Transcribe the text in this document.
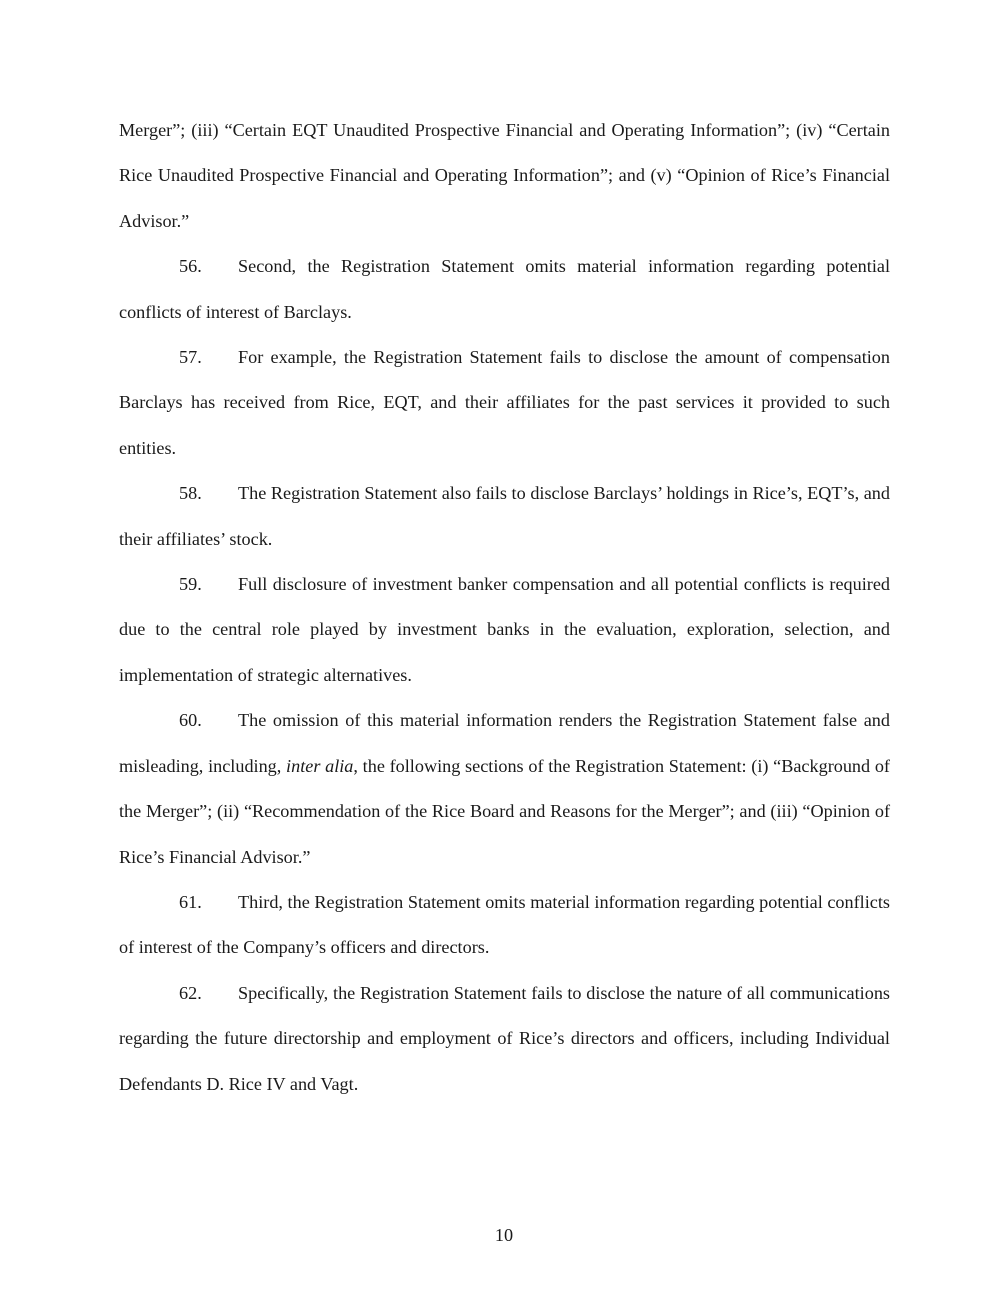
Merger”; (iii) “Certain EQT Unaudited Prospective Financial and Operating Information”; (iv) “Certain Rice Unaudited Prospective Financial and Operating Information”; and (v) “Opinion of Rice’s Financial Advisor.”

56. Second, the Registration Statement omits material information regarding potential conflicts of interest of Barclays.

57. For example, the Registration Statement fails to disclose the amount of compensation Barclays has received from Rice, EQT, and their affiliates for the past services it provided to such entities.

58. The Registration Statement also fails to disclose Barclays’ holdings in Rice’s, EQT’s, and their affiliates’ stock.

59. Full disclosure of investment banker compensation and all potential conflicts is required due to the central role played by investment banks in the evaluation, exploration, selection, and implementation of strategic alternatives.

60. The omission of this material information renders the Registration Statement false and misleading, including, inter alia, the following sections of the Registration Statement: (i) “Background of the Merger”; (ii) “Recommendation of the Rice Board and Reasons for the Merger”; and (iii) “Opinion of Rice’s Financial Advisor.”

61. Third, the Registration Statement omits material information regarding potential conflicts of interest of the Company’s officers and directors.

62. Specifically, the Registration Statement fails to disclose the nature of all communications regarding the future directorship and employment of Rice’s directors and officers, including Individual Defendants D. Rice IV and Vagt.

10
